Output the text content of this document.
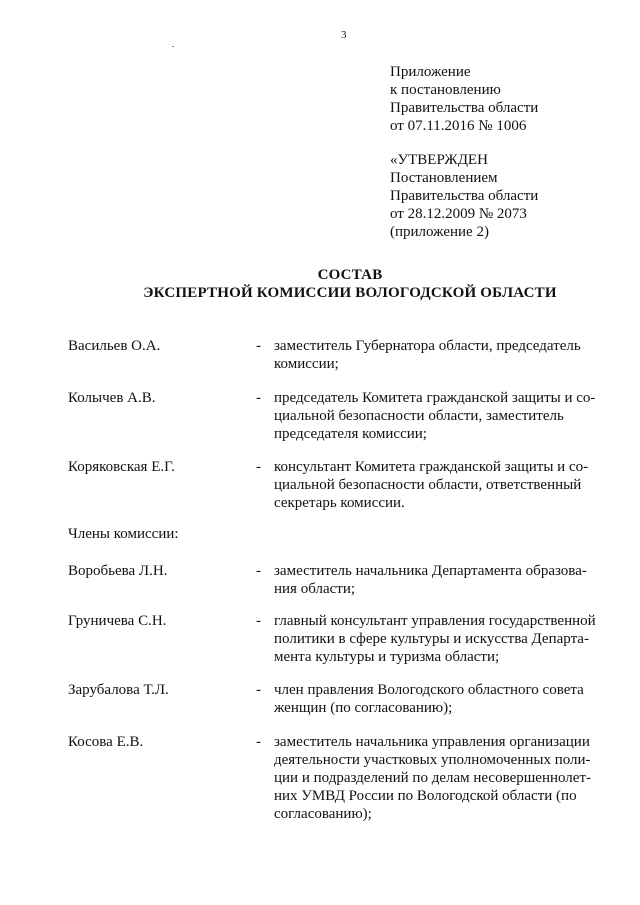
3
Приложение
к постановлению
Правительства области
от 07.11.2016 № 1006
«УТВЕРЖДЕН
Постановлением
Правительства области
от 28.12.2009 № 2073
(приложение 2)
СОСТАВ
ЭКСПЕРТНОЙ КОМИССИИ ВОЛОГОДСКОЙ ОБЛАСТИ
Васильев О.А.	- заместитель Губернатора области, председатель
комиссии;
Колычев А.В.	- председатель Комитета гражданской защиты и со-
циальной безопасности области, заместитель
председателя комиссии;
Коряковская Е.Г.	- консультант Комитета гражданской защиты и со-
циальной безопасности области, ответственный
секретарь комиссии.
Члены комиссии:
Воробьева Л.Н.	- заместитель начальника Департамента образова-
ния области;
Груничева С.Н.	- главный консультант управления государственной
политики в сфере культуры и искусства Департа-
мента культуры и туризма области;
Зарубалова Т.Л.	- член правления Вологодского областного совета
женщин (по согласованию);
Косова Е.В.	- заместитель начальника управления организации
деятельности участковых уполномоченных поли-
ции и подразделений по делам несовершеннолет-
них УМВД России по Вологодской области (по
согласованию);
